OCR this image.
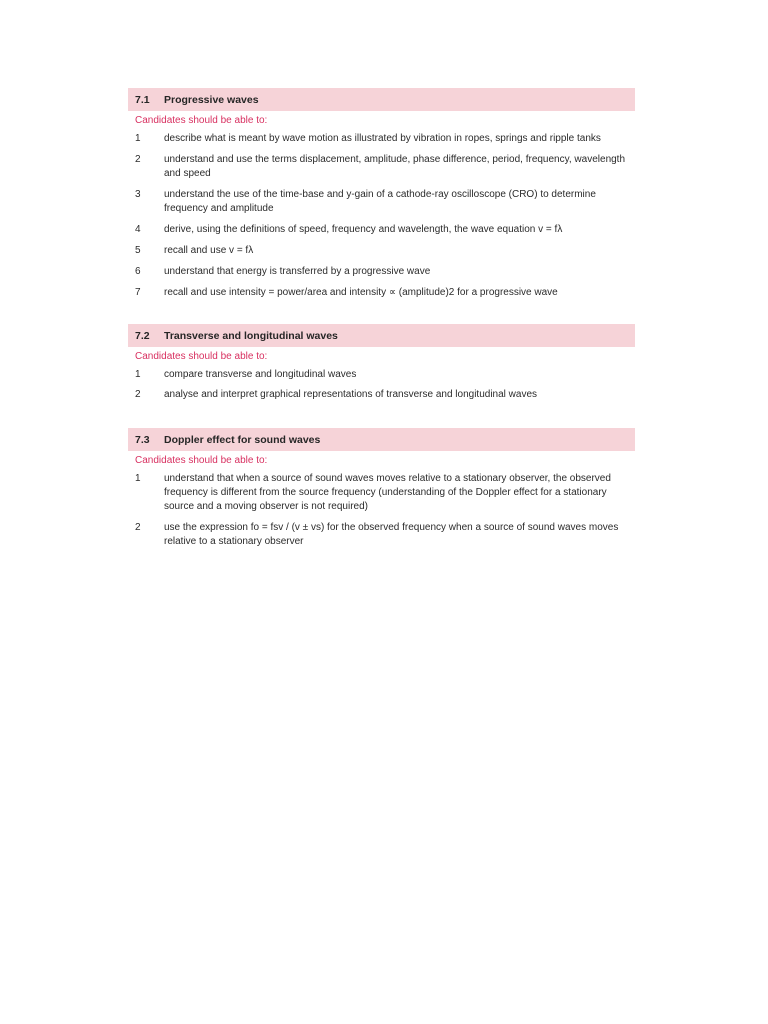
7.1	Progressive waves
Candidates should be able to:
1	describe what is meant by wave motion as illustrated by vibration in ropes, springs and ripple tanks
2	understand and use the terms displacement, amplitude, phase difference, period, frequency, wavelength and speed
3	understand the use of the time-base and y-gain of a cathode-ray oscilloscope (CRO) to determine frequency and amplitude
4	derive, using the definitions of speed, frequency and wavelength, the wave equation v = fλ
5	recall and use v = fλ
6	understand that energy is transferred by a progressive wave
7	recall and use intensity = power/area and intensity ∝ (amplitude)2 for a progressive wave
7.2	Transverse and longitudinal waves
Candidates should be able to:
1	compare transverse and longitudinal waves
2	analyse and interpret graphical representations of transverse and longitudinal waves
7.3	Doppler effect for sound waves
Candidates should be able to:
1	understand that when a source of sound waves moves relative to a stationary observer, the observed frequency is different from the source frequency (understanding of the Doppler effect for a stationary source and a moving observer is not required)
2	use the expression fo = fsv / (v ± vs) for the observed frequency when a source of sound waves moves relative to a stationary observer
